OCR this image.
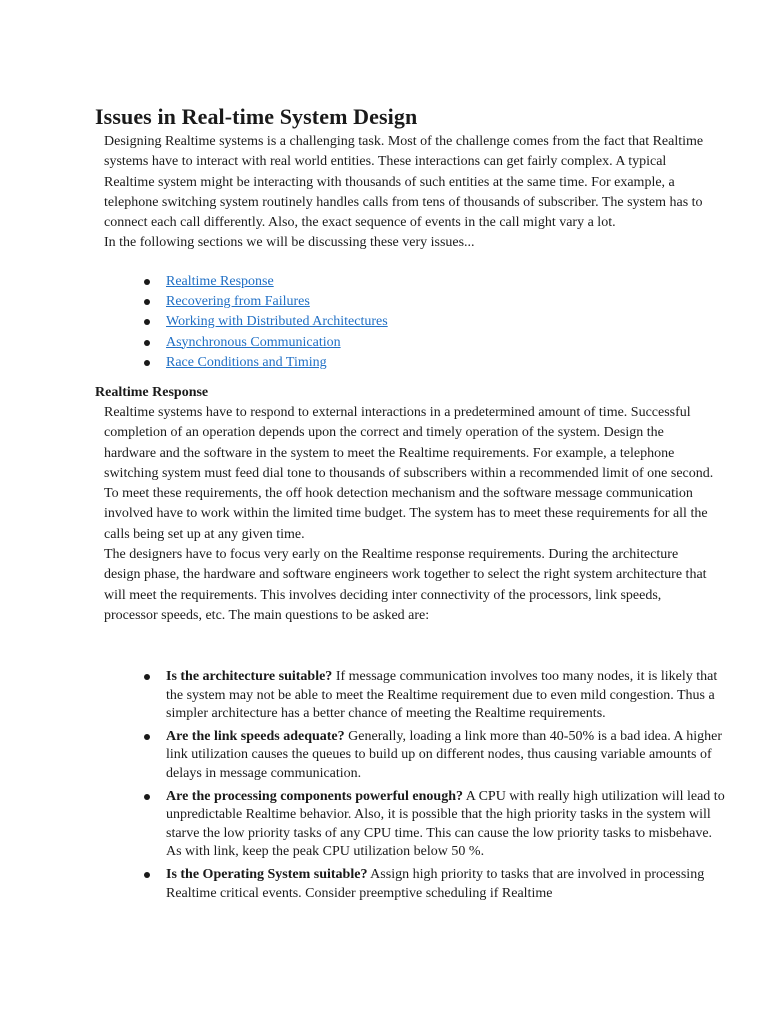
Issues in Real-time System Design

Designing Realtime systems is a challenging task. Most of the challenge comes from the fact that Realtime systems have to interact with real world entities. These interactions can get fairly complex. A typical Realtime system might be interacting with thousands of such entities at the same time. For example, a telephone switching system routinely handles calls from tens of thousands of subscriber. The system has to connect each call differently. Also, the exact sequence of events in the call might vary a lot.

In the following sections we will be discussing these very issues...

Realtime Response
Recovering from Failures
Working with Distributed Architectures
Asynchronous Communication
Race Conditions and Timing
Realtime Response

Realtime systems have to respond to external interactions in a predetermined amount of time. Successful completion of an operation depends upon the correct and timely operation of the system. Design the hardware and the software in the system to meet the Realtime requirements. For example, a telephone switching system must feed dial tone to thousands of subscribers within a recommended limit of one second. To meet these requirements, the off hook detection mechanism and the software message communication involved have to work within the limited time budget. The system has to meet these requirements for all the calls being set up at any given time.

The designers have to focus very early on the Realtime response requirements. During the architecture design phase, the hardware and software engineers work together to select the right system architecture that will meet the requirements. This involves deciding inter connectivity of the processors, link speeds, processor speeds, etc. The main questions to be asked are:

Is the architecture suitable? If message communication involves too many nodes, it is likely that the system may not be able to meet the Realtime requirement due to even mild congestion. Thus a simpler architecture has a better chance of meeting the Realtime requirements.
Are the link speeds adequate? Generally, loading a link more than 40-50% is a bad idea. A higher link utilization causes the queues to build up on different nodes, thus causing variable amounts of delays in message communication.
Are the processing components powerful enough? A CPU with really high utilization will lead to unpredictable Realtime behavior. Also, it is possible that the high priority tasks in the system will starve the low priority tasks of any CPU time. This can cause the low priority tasks to misbehave. As with link, keep the peak CPU utilization below 50 %.
Is the Operating System suitable? Assign high priority to tasks that are involved in processing Realtime critical events. Consider preemptive scheduling if Realtime
